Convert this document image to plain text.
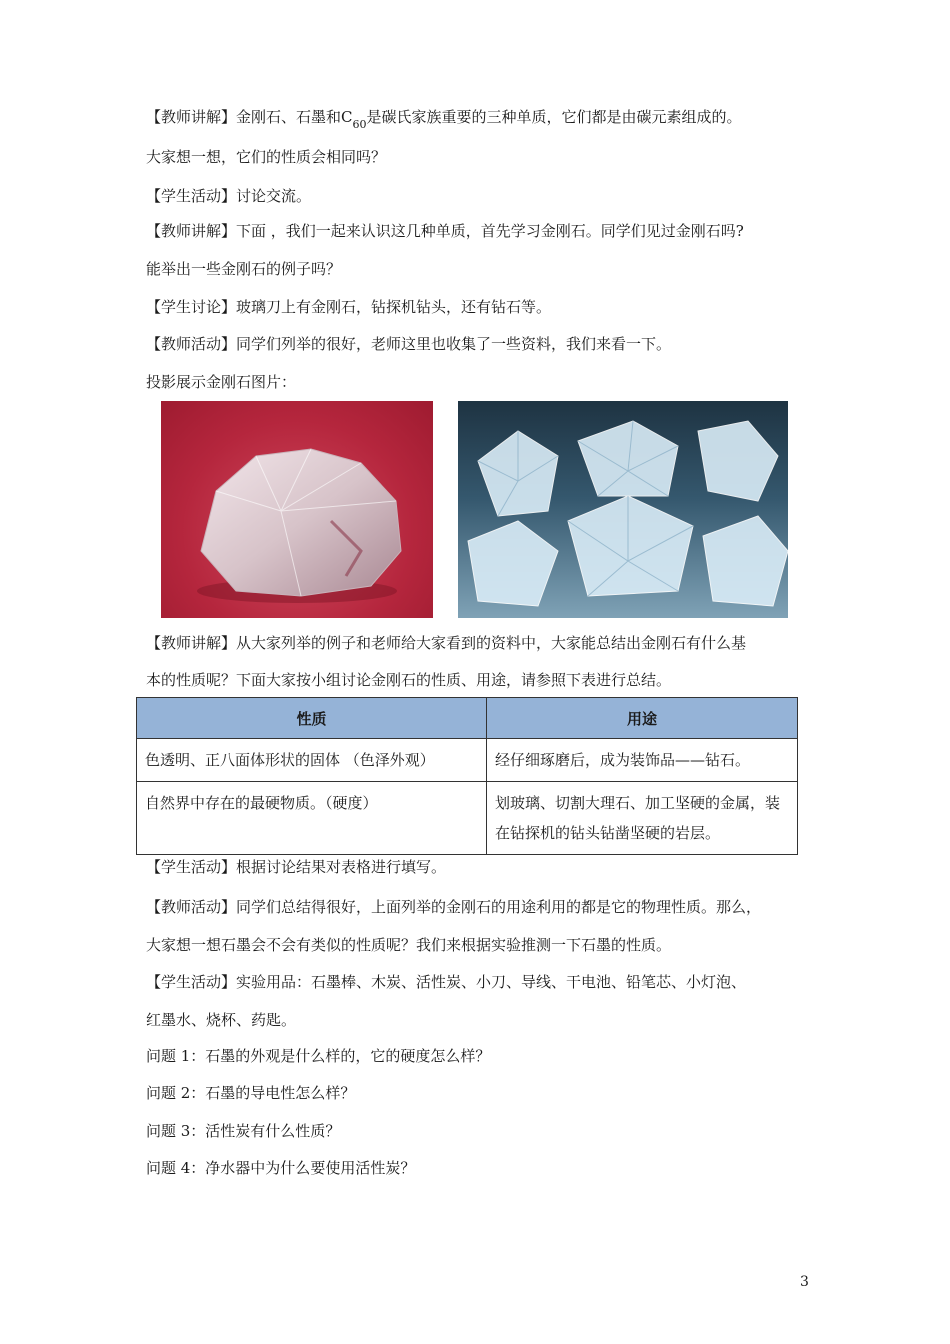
【教师讲解】金刚石、石墨和$C_{60}$是碳氏家族重要的三种单质，它们都是由碳元素组成的。
大家想一想，它们的性质会相同吗？
【学生活动】讨论交流。
【教师讲解】下面 ，我们一起来认识这几种单质，首先学习金刚石。同学们见过金刚石吗?
能举出一些金刚石的例子吗？
【学生讨论】玻璃刀上有金刚石，钻探机钻头，还有钻石等。
【教师活动】同学们列举的很好，老师这里也收集了一些资料，我们来看一下。
投影展示金刚石图片：
【教师讲解】从大家列举的例子和老师给大家看到的资料中，大家能总结出金刚石有什么基
本的性质呢？下面大家按小组讨论金刚石的性质、用途，请参照下表进行总结。
性质	用途
色透明、正八面体形状的固体 （色泽外观）	经仔细琢磨后，成为装饰品——钻石。
自然界中存在的最硬物质。（硬度）	划玻璃、切割大理石、加工坚硬的金属，装在钻探机的钻头钻凿坚硬的岩层。
【学生活动】根据讨论结果对表格进行填写。
【教师活动】同学们总结得很好，上面列举的金刚石的用途利用的都是它的物理性质。那么，
大家想一想石墨会不会有类似的性质呢？我们来根据实验推测一下石墨的性质。
【学生活动】实验用品：石墨棒、木炭、活性炭、小刀、导线、干电池、铅笔芯、小灯泡、
红墨水、烧杯、药匙。
问题 1：石墨的外观是什么样的，它的硬度怎么样？
问题 2：石墨的导电性怎么样？
问题 3：活性炭有什么性质？
问题 4：净水器中为什么要使用活性炭？
3
